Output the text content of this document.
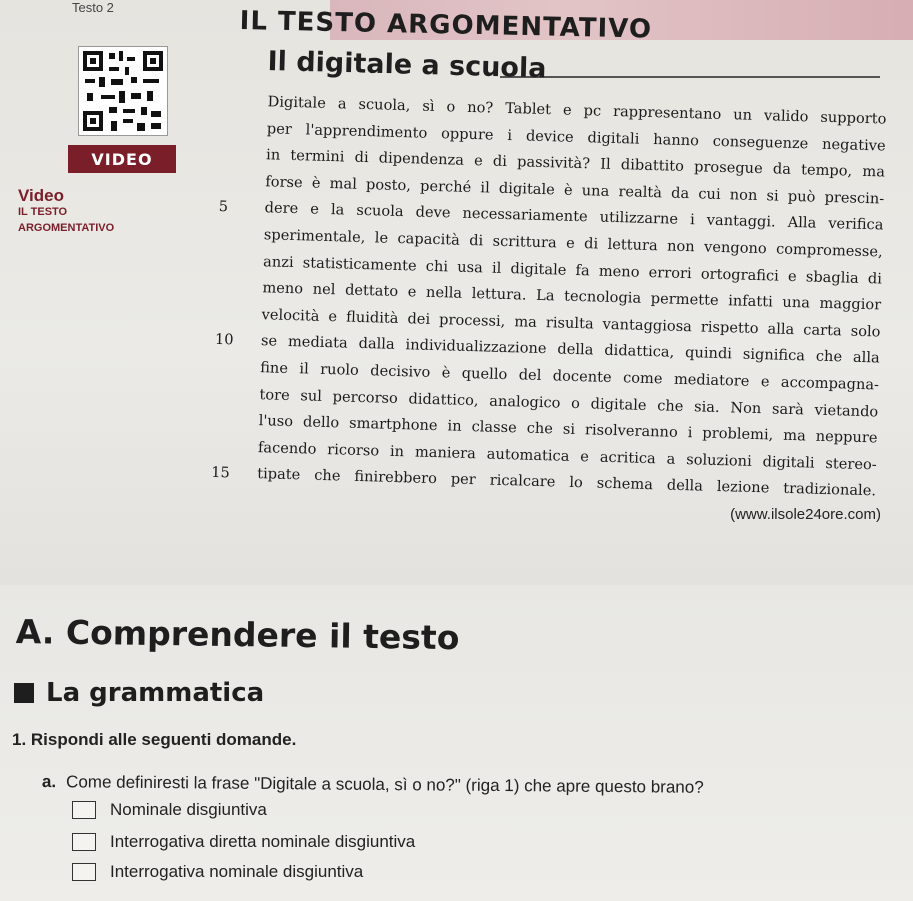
Testo 2	IL TESTO ARGOMENTATIVO
VIDEO
Video
IL TESTO
ARGOMENTATIVO
Il digitale a scuola
Digitale a scuola, sì o no? Tablet e pc rappresentano un valido supporto
per l'apprendimento oppure i device digitali hanno conseguenze negative
in termini di dipendenza e di passività? Il dibattito prosegue da tempo, ma
forse è mal posto, perché il digitale è una realtà da cui non si può prescin-
5	dere e la scuola deve necessariamente utilizzarne i vantaggi. Alla verifica
sperimentale, le capacità di scrittura e di lettura non vengono compromesse,
anzi statisticamente chi usa il digitale fa meno errori ortografici e sbaglia di
meno nel dettato e nella lettura. La tecnologia permette infatti una maggior
velocità e fluidità dei processi, ma risulta vantaggiosa rispetto alla carta solo
10	se mediata dalla individualizzazione della didattica, quindi significa che alla
fine il ruolo decisivo è quello del docente come mediatore e accompagna-
tore sul percorso didattico, analogico o digitale che sia. Non sarà vietando
l'uso dello smartphone in classe che si risolveranno i problemi, ma neppure
facendo ricorso in maniera automatica e acritica a soluzioni digitali stereo-
15	tipate che finirebbero per ricalcare lo schema della lezione tradizionale.
(www.ilsole24ore.com)
A. Comprendere il testo
La grammatica
1. Rispondi alle seguenti domande.
a. Come definiresti la frase "Digitale a scuola, sì o no?" (riga 1) che apre questo brano?
Nominale disgiuntiva
Interrogativa diretta nominale disgiuntiva
Interrogativa nominale disgiuntiva
